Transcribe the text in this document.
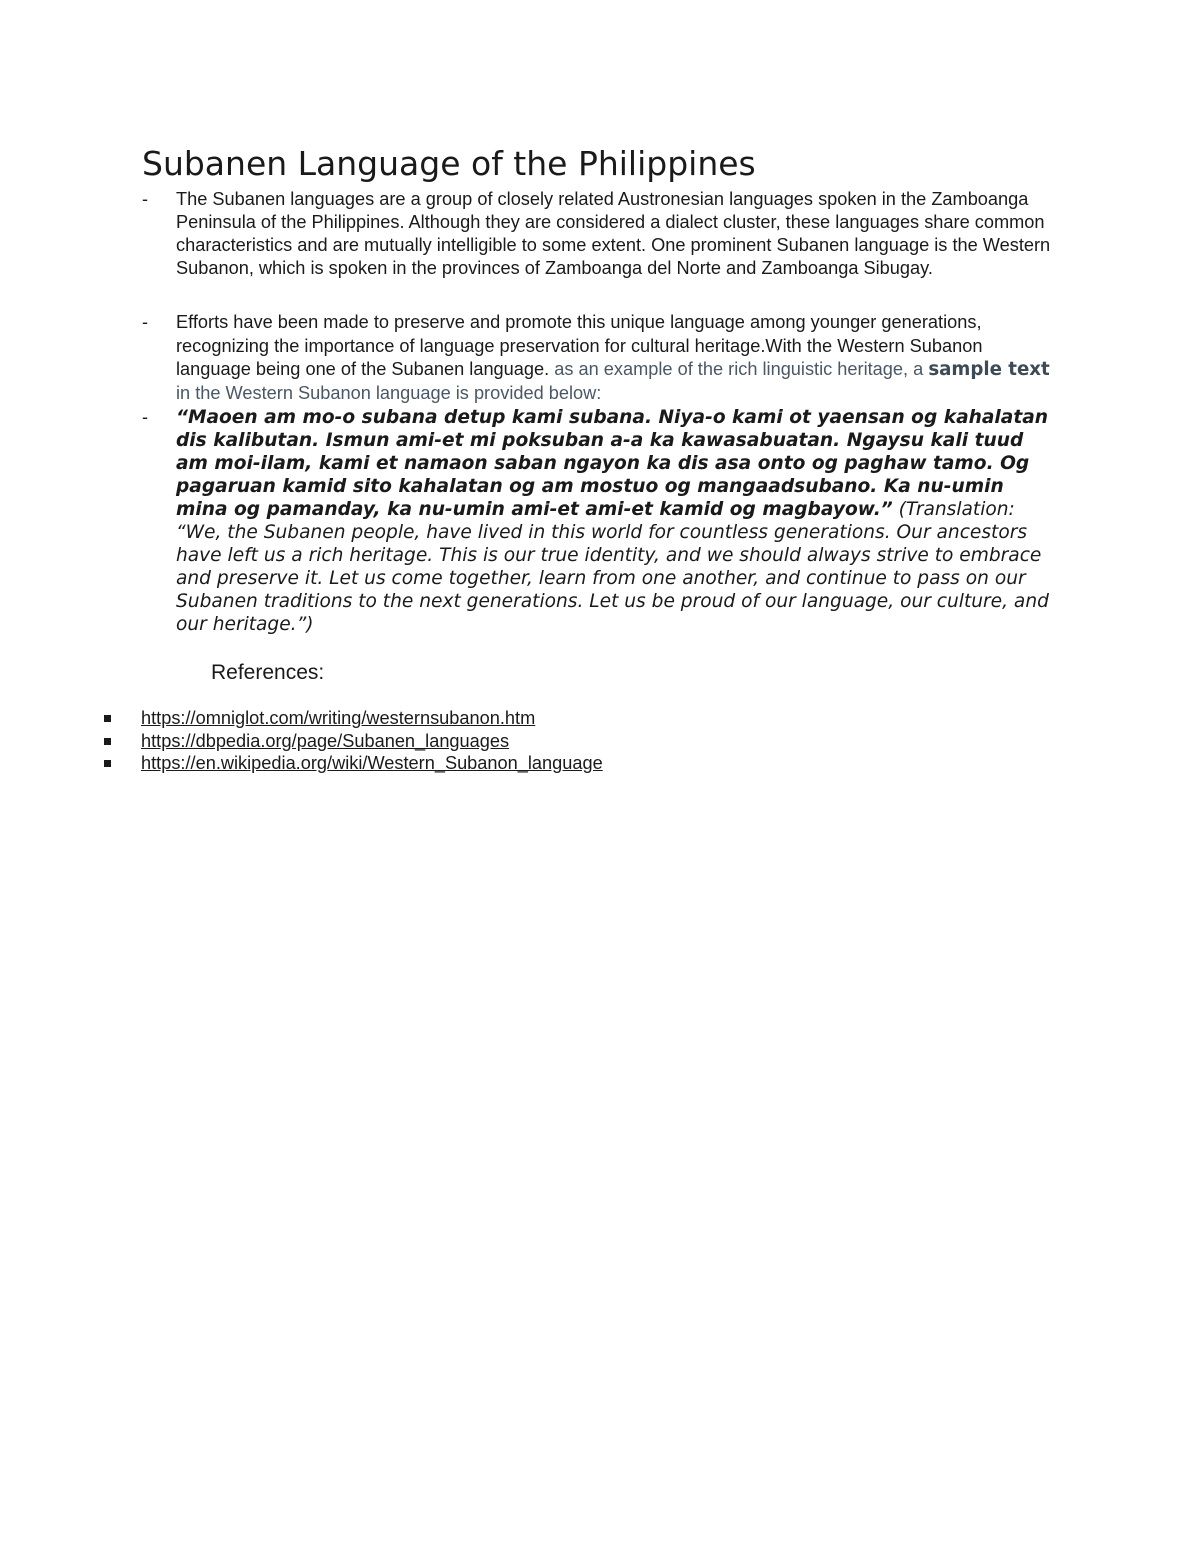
Subanen Language of the Philippines
- The Subanen languages are a group of closely related Austronesian languages spoken in the Zamboanga Peninsula of the Philippines. Although they are considered a dialect cluster, these languages share common characteristics and are mutually intelligible to some extent. One prominent Subanen language is the Western Subanon, which is spoken in the provinces of Zamboanga del Norte and Zamboanga Sibugay.
- Efforts have been made to preserve and promote this unique language among younger generations, recognizing the importance of language preservation for cultural heritage.With the Western Subanon language being one of the Subanen language. as an example of the rich linguistic heritage, a sample text in the Western Subanon language is provided below:
- “Maoen am mo-o subana detup kami subana. Niya-o kami ot yaensan og kahalatan dis kalibutan. Ismun ami-et mi poksuban a-a ka kawasabuatan. Ngaysu kali tuud am moi-ilam, kami et namaon saban ngayon ka dis asa onto og paghaw tamo. Og pagaruan kamid sito kahalatan og am mostuo og mangaadsubano. Ka nu-umin mina og pamanday, ka nu-umin ami-et ami-et kamid og magbayow.” (Translation: “We, the Subanen people, have lived in this world for countless generations. Our ancestors have left us a rich heritage. This is our true identity, and we should always strive to embrace and preserve it. Let us come together, learn from one another, and continue to pass on our Subanen traditions to the next generations. Let us be proud of our language, our culture, and our heritage.”)
References:
https://omniglot.com/writing/westernsubanon.htm
https://dbpedia.org/page/Subanen_languages
https://en.wikipedia.org/wiki/Western_Subanon_language
